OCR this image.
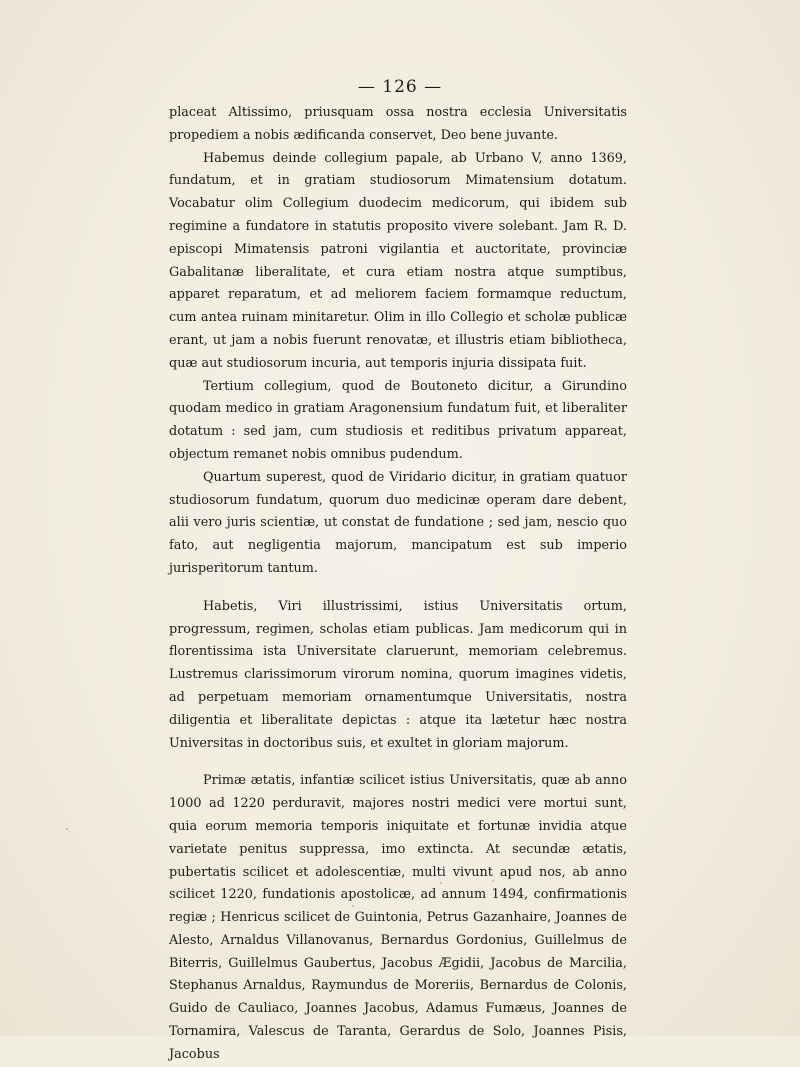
— 126 —

placeat Altissimo, priusquam ossa nostra ecclesia Universitatis propediem a nobis ædificanda conservet, Deo bene juvante.

Habemus deinde collegium papale, ab Urbano V, anno 1369, fundatum, et in gratiam studiosorum Mimatensium dotatum. Vocabatur olim Collegium duodecim medicorum, qui ibidem sub regimine a fundatore in statutis proposito vivere solebant. Jam R. D. episcopi Mimatensis patroni vigilantia et auctoritate, provinciæ Gabalitanæ liberalitate, et cura etiam nostra atque sumptibus, apparet reparatum, et ad meliorem faciem formamque reductum, cum antea ruinam minitaretur. Olim in illo Collegio et scholæ publicæ erant, ut jam a nobis fuerunt renovatæ, et illustris etiam bibliotheca, quæ aut studiosorum incuria, aut temporis injuria dissipata fuit.

Tertium collegium, quod de Boutoneto dicitur, a Girundino quodam medico in gratiam Aragonensium fundatum fuit, et liberaliter dotatum : sed jam, cum studiosis et reditibus privatum appareat, objectum remanet nobis omnibus pudendum.

Quartum superest, quod de Viridario dicitur, in gratiam quatuor studiosorum fundatum, quorum duo medicinæ operam dare debent, alii vero juris scientiæ, ut constat de fundatione ; sed jam, nescio quo fato, aut negligentia majorum, mancipatum est sub imperio jurisperitorum tantum.

Habetis, Viri illustrissimi, istius Universitatis ortum, progressum, regimen, scholas etiam publicas. Jam medicorum qui in florentissima ista Universitate claruerunt, memoriam celebremus. Lustremus clarissimorum virorum nomina, quorum imagines videtis, ad perpetuam memoriam ornamentumque Universitatis, nostra diligentia et liberalitate depictas : atque ita lætetur hæc nostra Universitas in doctoribus suis, et exultet in gloriam majorum.

Primæ ætatis, infantiæ scilicet istius Universitatis, quæ ab anno 1000 ad 1220 perduravit, majores nostri medici vere mortui sunt, quia eorum memoria temporis iniquitate et fortunæ invidia atque varietate penitus suppressa, imo extincta. At secundæ ætatis, pubertatis scilicet et adolescentiæ, multi vivunt apud nos, ab anno scilicet 1220, fundationis apostolicæ, ad annum 1494, confirmationis regiæ ; Henricus scilicet de Guintonia, Petrus Gazanhaire, Joannes de Alesto, Arnaldus Villanovanus, Bernardus Gordonius, Guillelmus de Biterris, Guillelmus Gaubertus, Jacobus Ægidii, Jacobus de Marcilia, Stephanus Arnaldus, Raymundus de Moreriis, Bernardus de Colonis, Guido de Cauliaco, Joannes Jacobus, Adamus Fumæus, Joannes de Tornamira, Valescus de Taranta, Gerardus de Solo, Joannes Pisis, Jacobus
